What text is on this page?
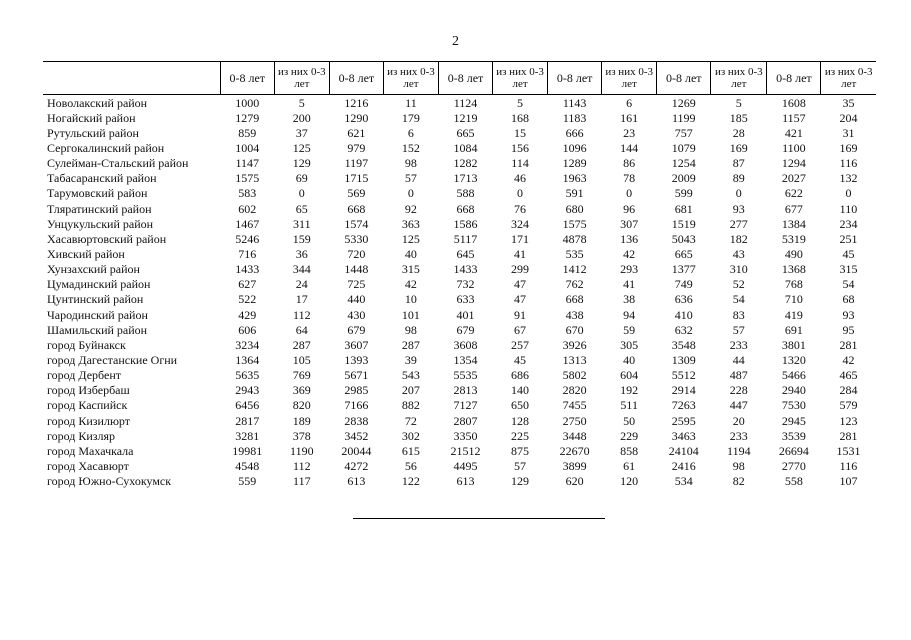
2
	0-8 лет	из них 0-3 лет	0-8 лет	из них 0-3 лет	0-8 лет	из них 0-3 лет	0-8 лет	из них 0-3 лет	0-8 лет	из них 0-3 лет	0-8 лет	из них 0-3 лет
Новолакский район	1000	5	1216	11	1124	5	1143	6	1269	5	1608	35
Ногайский район	1279	200	1290	179	1219	168	1183	161	1199	185	1157	204
Рутульский район	859	37	621	6	665	15	666	23	757	28	421	31
Сергокалинский район	1004	125	979	152	1084	156	1096	144	1079	169	1100	169
Сулейман-Стальский район	1147	129	1197	98	1282	114	1289	86	1254	87	1294	116
Табасаранский район	1575	69	1715	57	1713	46	1963	78	2009	89	2027	132
Тарумовский район	583	0	569	0	588	0	591	0	599	0	622	0
Тляратинский район	602	65	668	92	668	76	680	96	681	93	677	110
Унцукульский район	1467	311	1574	363	1586	324	1575	307	1519	277	1384	234
Хасавюртовский район	5246	159	5330	125	5117	171	4878	136	5043	182	5319	251
Хивский район	716	36	720	40	645	41	535	42	665	43	490	45
Хунзахский район	1433	344	1448	315	1433	299	1412	293	1377	310	1368	315
Цумадинский район	627	24	725	42	732	47	762	41	749	52	768	54
Цунтинский район	522	17	440	10	633	47	668	38	636	54	710	68
Чародинский район	429	112	430	101	401	91	438	94	410	83	419	93
Шамильский район	606	64	679	98	679	67	670	59	632	57	691	95
город Буйнакск	3234	287	3607	287	3608	257	3926	305	3548	233	3801	281
город Дагестанские Огни	1364	105	1393	39	1354	45	1313	40	1309	44	1320	42
город Дербент	5635	769	5671	543	5535	686	5802	604	5512	487	5466	465
город Избербаш	2943	369	2985	207	2813	140	2820	192	2914	228	2940	284
город Каспийск	6456	820	7166	882	7127	650	7455	511	7263	447	7530	579
город Кизилюрт	2817	189	2838	72	2807	128	2750	50	2595	20	2945	123
город Кизляр	3281	378	3452	302	3350	225	3448	229	3463	233	3539	281
город Махачкала	19981	1190	20044	615	21512	875	22670	858	24104	1194	26694	1531
город Хасавюрт	4548	112	4272	56	4495	57	3899	61	2416	98	2770	116
город Южно-Сухокумск	559	117	613	122	613	129	620	120	534	82	558	107
